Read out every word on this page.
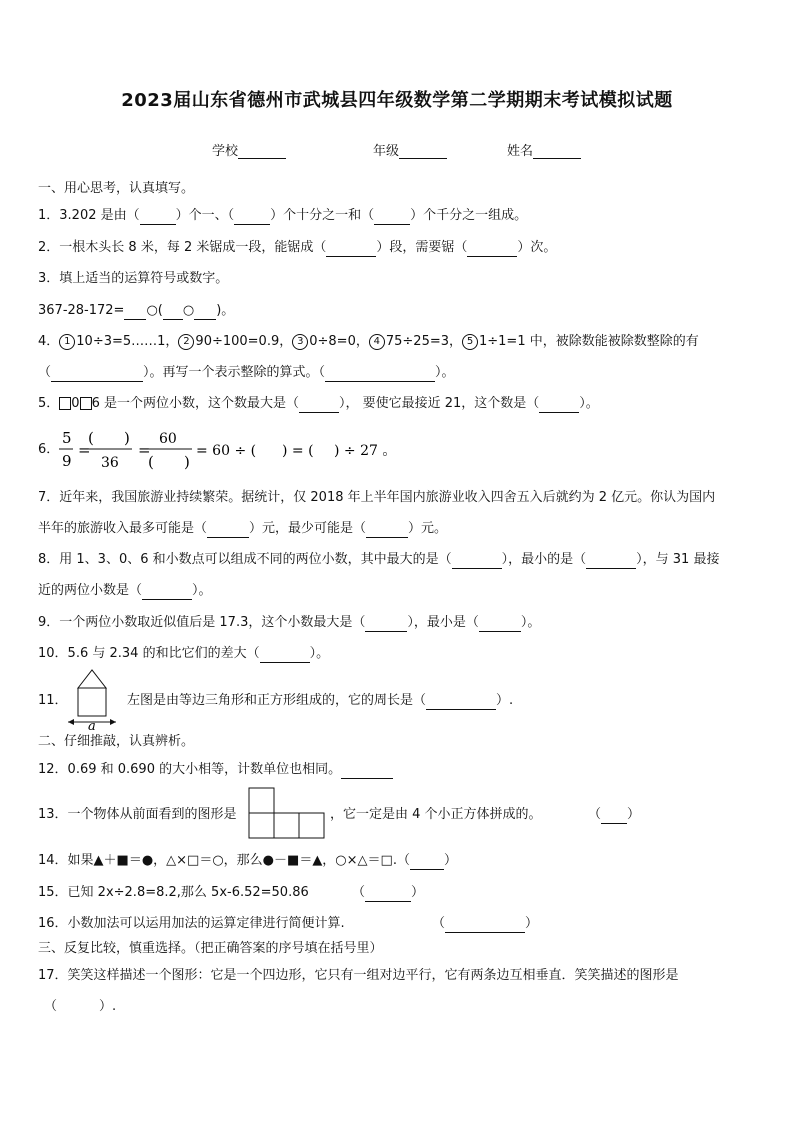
2023届山东省德州市武城县四年级数学第二学期期末考试模拟试题
学校	年级	姓名
一、用心思考，认真填写。
1．3.202 是由（	）个一、（	）个十分之一和（	）个千分之一组成。
2．一根木头长 8 米，每 2 米锯成一段，能锯成（	）段，需要锯（	）次。
3．填上适当的运算符号或数字。
367-28-172= ○( ○ )。
4． 1 10÷3=5……1， 2 90÷100=0.9， 3 0÷8=0， 4 75÷25=3， 5 1÷1=1 中，被除数能被除数整除的有
（	）。再写一个表示整除的算式。（	）。
5． 0 6 是一个两位小数，这个数最大是（	）， 要使它最接近 21，这个数是（	）。
6．
5
9
=
( )
36
=
60
( )
= 60 ÷ ( ) = ( ) ÷ 27 。
7．近年来，我国旅游业持续繁荣。据统计，仅 2018 年上半年国内旅游业收入四舍五入后就约为 2 亿元。你认为国内
半年的旅游收入最多可能是（	）元，最少可能是（	）元。
8．用 1、3、0、6 和小数点可以组成不同的两位小数，其中最大的是（	），最小的是（	），与 31 最接
近的两位小数是（	）。
9．一个两位小数取近似值后是 17.3，这个小数最大是（	），最小是（	）。
10．5.6 与 2.34 的和比它们的差大（	）。
11．
a
左图是由等边三角形和正方形组成的，它的周长是（	）.
二、仔细推敲，认真辨析。
12．0.69 和 0.690 的大小相等，计数单位也相同。
13．一个物体从前面看到的图形是	，它一定是由 4 个小正方体拼成的。	（ ）
14．如果▲＋■＝●，△×□＝○，那么●－■＝▲，○×△＝□.（	）
15．已知 2x÷2.8=8.2,那么 5x-6.52=50.86	（	）
16．小数加法可以运用加法的运算定律进行简便计算.	（	）
三、反复比较，慎重选择。（把正确答案的序号填在括号里）
17．笑笑这样描述一个图形：它是一个四边形，它只有一组对边平行，它有两条边互相垂直．笑笑描述的图形是
（	）.
